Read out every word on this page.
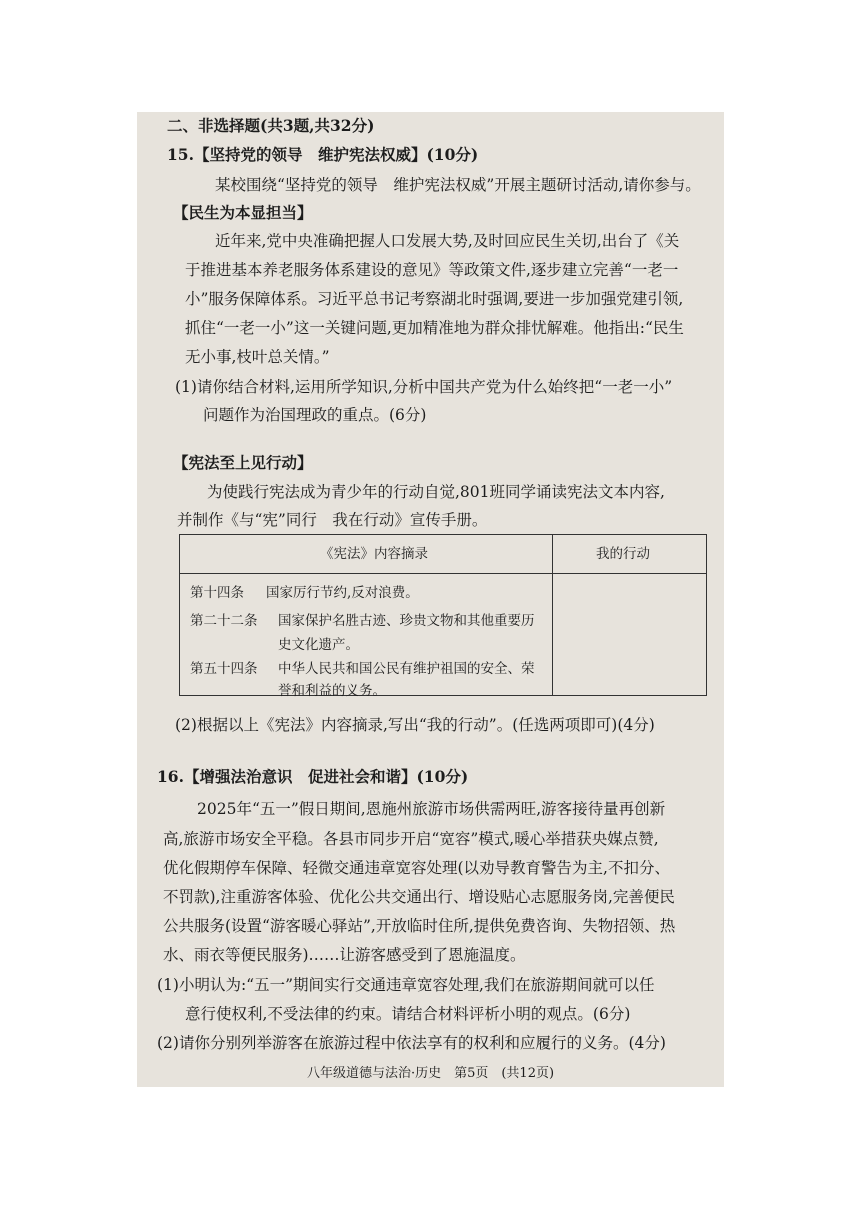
二、非选择题(共3题,共32分)
15.【坚持党的领导　维护宪法权威】(10分)
某校围绕“坚持党的领导　维护宪法权威”开展主题研讨活动,请你参与。
【民生为本显担当】
近年来,党中央准确把握人口发展大势,及时回应民生关切,出台了《关
于推进基本养老服务体系建设的意见》等政策文件,逐步建立完善“一老一
小”服务保障体系。习近平总书记考察湖北时强调,要进一步加强党建引领,
抓住“一老一小”这一关键问题,更加精准地为群众排忧解难。他指出:“民生
无小事,枝叶总关情。”
(1)请你结合材料,运用所学知识,分析中国共产党为什么始终把“一老一小”
问题作为治国理政的重点。(6分)
【宪法至上见行动】
为使践行宪法成为青少年的行动自觉,801班同学诵读宪法文本内容,
并制作《与“宪”同行　我在行动》宣传手册。
《宪法》内容摘录	我的行动
第十四条 国家厉行节约,反对浪费。
第二十二条 国家保护名胜古迹、珍贵文物和其他重要历
史文化遗产。
第五十四条 中华人民共和国公民有维护祖国的安全、荣
誉和利益的义务。
(2)根据以上《宪法》内容摘录,写出“我的行动”。(任选两项即可)(4分)
16.【增强法治意识　促进社会和谐】(10分)
2025年“五一”假日期间,恩施州旅游市场供需两旺,游客接待量再创新
高,旅游市场安全平稳。各县市同步开启“宽容”模式,暖心举措获央媒点赞,
优化假期停车保障、轻微交通违章宽容处理(以劝导教育警告为主,不扣分、
不罚款),注重游客体验、优化公共交通出行、增设贴心志愿服务岗,完善便民
公共服务(设置“游客暖心驿站”,开放临时住所,提供免费咨询、失物招领、热
水、雨衣等便民服务)……让游客感受到了恩施温度。
(1)小明认为:“五一”期间实行交通违章宽容处理,我们在旅游期间就可以任
意行使权利,不受法律的约束。请结合材料评析小明的观点。(6分)
(2)请你分别列举游客在旅游过程中依法享有的权利和应履行的义务。(4分)
八年级道德与法治·历史　第5页　(共12页)
